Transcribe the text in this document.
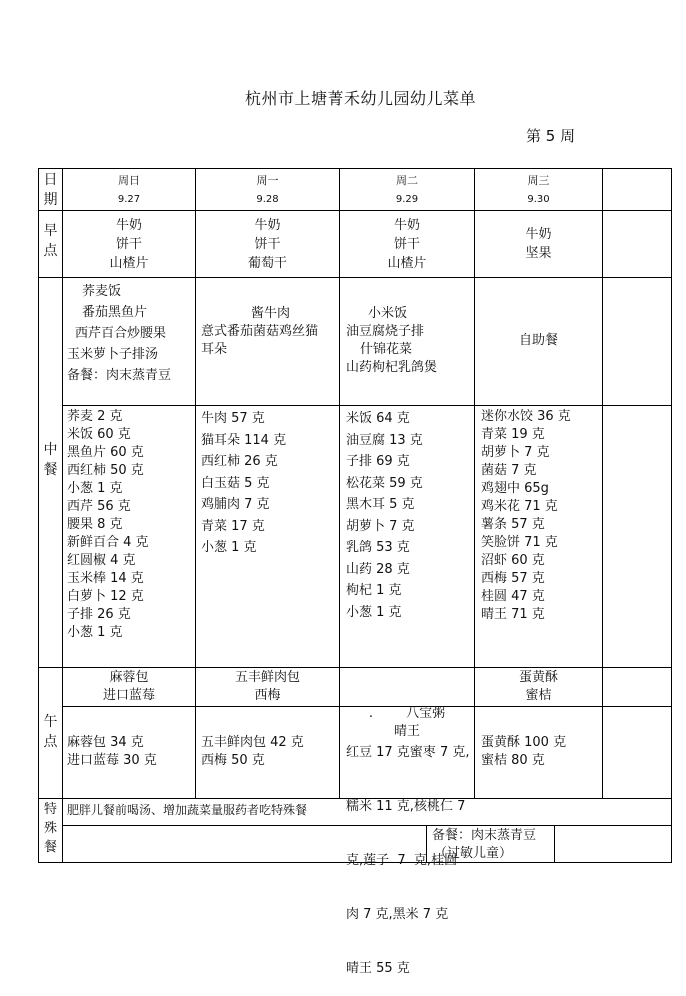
杭州市上塘菁禾幼儿园幼儿菜单
第 5 周
日
期
早
点
中
餐
午
点
特
殊
餐
周日
9.27
周一
9.28
周二
9.29
周三
9.30
牛奶
饼干
山楂片
牛奶
饼干
葡萄干
牛奶
饼干
山楂片
牛奶
坚果
荞麦饭
番茄黑鱼片
西芹百合炒腰果
玉米萝卜子排汤
备餐：肉末蒸青豆
酱牛肉
意式番茄菌菇鸡丝猫
耳朵
小米饭
油豆腐烧子排
什锦花菜
山药枸杞乳鸽煲
自助餐
荞麦 2 克
米饭 60 克
黑鱼片 60 克
西红柿 50 克
小葱 1 克
西芹 56 克
腰果 8 克
新鲜百合 4 克
红圆椒 4 克
玉米棒 14 克
白萝卜 12 克
子排 26 克
小葱 1 克
牛肉 57 克
猫耳朵 114 克
西红柿 26 克
白玉菇 5 克
鸡脯肉 7 克
青菜 17 克
小葱 1 克
米饭 64 克
油豆腐 13 克
子排 69 克
松花菜 59 克
黑木耳 5 克
胡萝卜 7 克
乳鸽 53 克
山药 28 克
枸杞 1 克
小葱 1 克
迷你水饺 36 克
青菜 19 克
胡萝卜 7 克
菌菇 7 克
鸡翅中 65g
鸡米花 71 克
薯条 57 克
笑脸饼 71 克
沼虾 60 克
西梅 57 克
桂圆 47 克
晴王 71 克
麻蓉包
进口蓝莓
五丰鲜肉包
西梅

.        八宝粥
晴王

蛋黄酥
蜜桔
麻蓉包 34 克
进口蓝莓 30 克
五丰鲜肉包 42 克
西梅 50 克

红豆 17 克蜜枣 7 克,

糯米 11 克,核桃仁 7

克,莲子  7  克,桂圆

肉 7 克,黑米 7 克

晴王 55 克

蛋黄酥 100 克
蜜桔 80 克
肥胖儿餐前喝汤、增加蔬菜量服药者吃特殊餐
备餐：肉末蒸青豆
（过敏儿童）
